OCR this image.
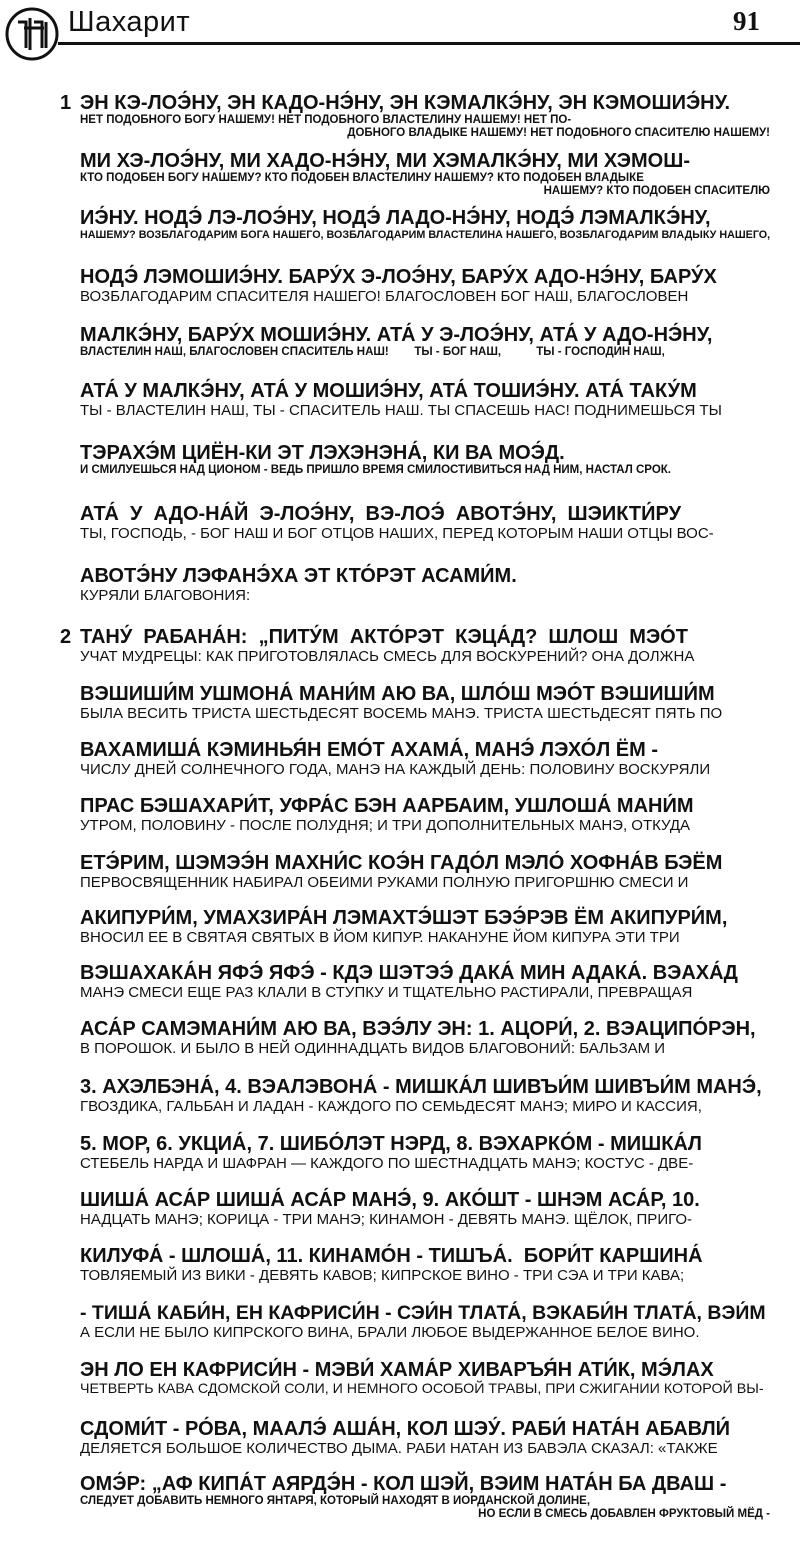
Шахарит	91
1 ЭН КЭ-ЛОЭ́НУ, ЭН КАДО-НЭ́НУ, ЭН КЭМАЛКЭ́НУ, ЭН КЭМОШИЭ́НУ.
НЕТ ПОДОБНОГО БОГУ НАШЕМУ! НЕТ ПОДОБНОГО ВЛАСТЕЛИНУ НАШЕМУ! НЕТ ПО-
ДОБНОГО ВЛАДЫКЕ НАШЕМУ! НЕТ ПОДОБНОГО СПАСИТЕЛЮ НАШЕМУ!
МИ ХЭ-ЛОЭ́НУ, МИ ХАДО-НЭ́НУ, МИ ХЭМАЛКЭ́НУ, МИ ХЭМОШ-
КТО ПОДОБЕН БОГУ НАШЕМУ? КТО ПОДОБЕН ВЛАСТЕЛИНУ НАШЕМУ? КТО ПОДОБЕН ВЛАДЫКЕ
НАШЕМУ? КТО ПОДОБЕН СПАСИТЕЛЮ
ИЭ́НУ. НОДЭ́ ЛЭ-ЛОЭ́НУ, НОДЭ́ ЛАДО-НЭ́НУ, НОДЭ́ ЛЭМАЛКЭ́НУ,
НАШЕМУ? ВОЗБЛАГОДАРИМ БОГА НАШЕГО, ВОЗБЛАГОДАРИМ ВЛАСТЕЛИНА НАШЕГО, ВОЗБЛАГОДАРИМ ВЛАДЫКУ НАШЕГО,
НОДЭ́ ЛЭМОШИЭ́НУ. БАРУ́Х Э-ЛОЭ́НУ, БАРУ́Х АДО-НЭ́НУ, БАРУ́Х
ВОЗБЛАГОДАРИМ СПАСИТЕЛЯ НАШЕГО! БЛАГОСЛОВЕН БОГ НАШ, БЛАГОСЛОВЕН
МАЛКЭ́НУ, БАРУ́Х МОШИЭ́НУ. АТА́ У Э-ЛОЭ́НУ, АТА́ У АДО-НЭ́НУ,
ВЛАСТЕЛИН НАШ, БЛАГОСЛОВЕН СПАСИТЕЛЬ НАШ!        ТЫ - БОГ НАШ,           ТЫ - ГОСПОДИН НАШ,
АТА́ У МАЛКЭ́НУ, АТА́ У МОШИЭ́НУ, АТА́ ТОШИЭ́НУ. АТА́ ТАКУ́М
ТЫ - ВЛАСТЕЛИН НАШ, ТЫ - СПАСИТЕЛЬ НАШ. ТЫ СПАСЕШЬ НАС! ПОДНИМЕШЬСЯ ТЫ
ТЭРАХЭ́М ЦИЁН-КИ ЭТ ЛЭХЭНЭНА́, КИ ВА МОЭ́Д.
И СМИЛУЕШЬСЯ НАД ЦИОНОМ - ВЕДЬ ПРИШЛО ВРЕМЯ СМИЛОСТИВИТЬСЯ НАД НИМ, НАСТАЛ СРОК.
АТА́  У  АДО-НА́Й  Э-ЛОЭ́НУ,  ВЭ-ЛОЭ́  АВОТЭ́НУ,  ШЭИКТИ́РУ
ТЫ, ГОСПОДЬ, - БОГ НАШ И БОГ ОТЦОВ НАШИХ, ПЕРЕД КОТОРЫМ НАШИ ОТЦЫ ВОС-
АВОТЭ́НУ ЛЭФАНЭ́ХА ЭТ КТО́РЭТ АСАМИ́М.
КУРЯЛИ БЛАГОВОНИЯ:
2 ТАНУ́  РАБАНА́Н:  „ПИТУ́М  АКТО́РЭТ  КЭЦА́Д?  ШЛОШ  МЭО́Т
УЧАТ МУДРЕЦЫ: КАК ПРИГОТОВЛЯЛАСЬ СМЕСЬ ДЛЯ ВОСКУРЕНИЙ? ОНА ДОЛЖНА
ВЭШИШИ́М УШМОНА́ МАНИ́М АЮ ВА, ШЛО́Ш МЭО́Т ВЭШИШИ́М
БЫЛА ВЕСИТЬ ТРИСТА ШЕСТЬДЕСЯТ ВОСЕМЬ МАНЭ. ТРИСТА ШЕСТЬДЕСЯТ ПЯТЬ ПО
ВАХАМИША́ КЭМИНЬЯ́Н ЕМО́Т АХАМА́, МАНЭ́ ЛЭХО́Л ЁМ -
ЧИСЛУ ДНЕЙ СОЛНЕЧНОГО ГОДА, МАНЭ НА КАЖДЫЙ ДЕНЬ: ПОЛОВИНУ ВОСКУРЯЛИ
ПРАС БЭШАХАРИ́Т, УФРА́С БЭН ААРБАИМ, УШЛОША́ МАНИ́М
УТРОМ, ПОЛОВИНУ - ПОСЛЕ ПОЛУДНЯ; И ТРИ ДОПОЛНИТЕЛЬНЫХ МАНЭ, ОТКУДА
ЕТЭ́РИМ, ШЭМЭЭ́Н МАХНИ́С КОЭ́Н ГАДО́Л МЭЛО́ ХОФНА́В БЭЁМ
ПЕРВОСВЯЩЕННИК НАБИРАЛ ОБЕИМИ РУКАМИ ПОЛНУЮ ПРИГОРШНЮ СМЕСИ И
АКИПУРИ́М, УМАХЗИРА́Н ЛЭМАХТЭ́ШЭТ БЭЭ́РЭВ ЁМ АКИПУРИ́М,
ВНОСИЛ ЕЕ В СВЯТАЯ СВЯТЫХ В ЙОМ КИПУР. НАКАНУНЕ ЙОМ КИПУРА ЭТИ ТРИ
ВЭШАХАКА́Н ЯФЭ́ ЯФЭ́ - КДЭ ШЭТЭЭ́ ДАКА́ МИН АДАКА́. ВЭАХА́Д
МАНЭ СМЕСИ ЕЩЕ РАЗ КЛАЛИ В СТУПКУ И ТЩАТЕЛЬНО РАСТИРАЛИ, ПРЕВРАЩАЯ
АСА́Р САМЭМАНИ́М АЮ ВА, ВЭЭ́ЛУ ЭН: 1. АЦОРИ́, 2. ВЭАЦИПО́РЭН,
В ПОРОШОК. И БЫЛО В НЕЙ ОДИННАДЦАТЬ ВИДОВ БЛАГОВОНИЙ: БАЛЬЗАМ И
3. АХЭЛБЭНА́, 4. ВЭАЛЭВОНА́ - МИШКА́Л ШИВЪИ́М ШИВЪИ́М МАНЭ́,
ГВОЗДИКА, ГАЛЬБАН И ЛАДАН - КАЖДОГО ПО СЕМЬДЕСЯТ МАНЭ; МИРО И КАССИЯ,
5. МОР, 6. УКЦИА́, 7. ШИБО́ЛЭТ НЭРД, 8. ВЭХАРКО́М - МИШКА́Л
СТЕБЕЛЬ НАРДА И ШАФРАН — КАЖДОГО ПО ШЕСТНАДЦАТЬ МАНЭ; КОСТУС - ДВЕ-
ШИША́ АСА́Р ШИША́ АСА́Р МАНЭ́, 9. АКО́ШТ - ШНЭМ АСА́Р, 10.
НАДЦАТЬ МАНЭ; КОРИЦА - ТРИ МАНЭ; КИНАМОН - ДЕВЯТЬ МАНЭ. ЩЁЛОК, ПРИГО-
КИЛУФА́ - ШЛОША́, 11. КИНАМО́Н - ТИШЪА́.  БОРИ́Т КАРШИНА́
ТОВЛЯЕМЫЙ ИЗ ВИКИ - ДЕВЯТЬ КАВОВ; КИПРСКОЕ ВИНО - ТРИ СЭА И ТРИ КАВА;
- ТИША́ КАБИ́Н, ЕН КАФРИСИ́Н - СЭИ́Н ТЛАТА́, ВЭКАБИ́Н ТЛАТА́, ВЭИ́М
А ЕСЛИ НЕ БЫЛО КИПРСКОГО ВИНА, БРАЛИ ЛЮБОЕ ВЫДЕРЖАННОЕ БЕЛОЕ ВИНО.
ЭН ЛО ЕН КАФРИСИ́Н - МЭВИ́ ХАМА́Р ХИВАРЪЯ́Н АТИ́К, МЭ́ЛАХ
ЧЕТВЕРТЬ КАВА СДОМСКОЙ СОЛИ, И НЕМНОГО ОСОБОЙ ТРАВЫ, ПРИ СЖИГАНИИ КОТОРОЙ ВЫ-
СДОМИ́Т - РО́ВА, МААЛЭ́ АША́Н, КОЛ ШЭУ́. РАБИ́ НАТА́Н АБАВЛИ́
ДЕЛЯЕТСЯ БОЛЬШОЕ КОЛИЧЕСТВО ДЫМА. РАБИ НАТАН ИЗ БАВЭЛА СКАЗАЛ: «ТАКЖЕ
ОМЭ́Р: „АФ КИПА́Т АЯРДЭ́Н - КОЛ ШЭЙ, ВЭИМ НАТА́Н БА ДВАШ -
СЛЕДУЕТ ДОБАВИТЬ НЕМНОГО ЯНТАРЯ, КОТОРЫЙ НАХОДЯТ В ИОРДАНСКОЙ ДОЛИНЕ,
НО ЕСЛИ В СМЕСЬ ДОБАВЛЕН ФРУКТОВЫЙ МЁД -
